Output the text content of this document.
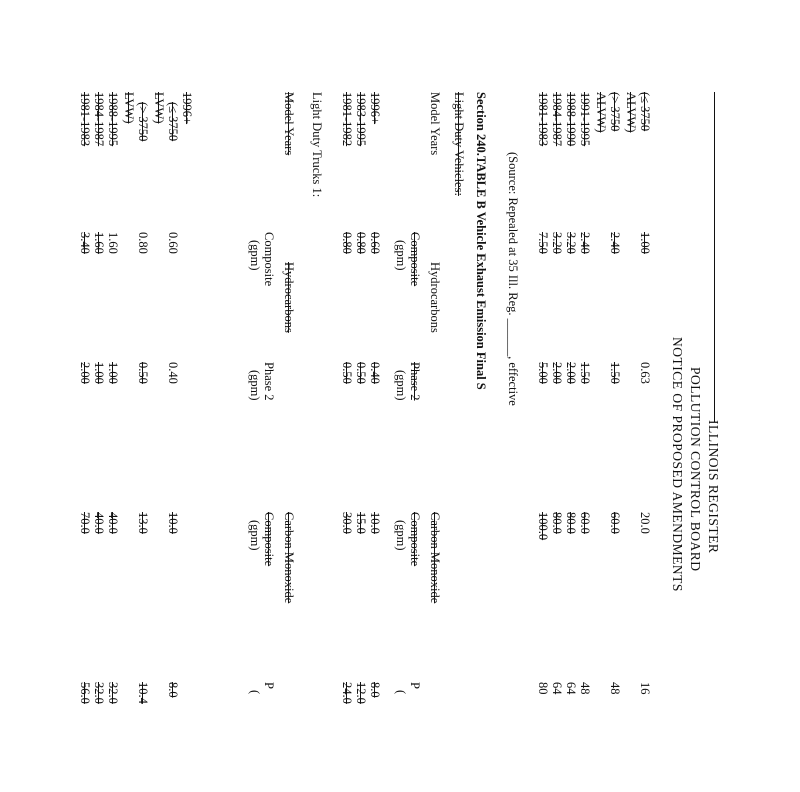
ILLINOIS REGISTER
POLLUTION CONTROL BOARD
NOTICE OF PROPOSED AMENDMENTS
(≤ 3750
ALVW)
1.00
0.63
20.0
16
(> 3750
ALVW)
2.40
1.50
60.0
48
1991-1995
2.40
1.50
60.0
48
1988-1990
3.20
2.00
80.0
64
1984-1987
3.20
2.00
80.0
64
1981-1983
7.50
5.00
100.0
80
(Source: Repealed at 35 Ill. Reg. ______, effective
Section 240.TABLE B Vehicle Exhaust Emission Final S
Light Duty Vehicles:
Model Years
Hydrocarbons
Carbon Monoxide
Composite
Phase 2
Composite
P
(gpm)
(gpm)
(gpm)
(
1996+
0.60
0.40
10.0
8.0
1983-1995
0.80
0.50
15.0
12.0
1981-1982
0.80
0.50
30.0
24.0
Light Duty Trucks 1:
Model Years
Hydrocarbons
Carbon Monoxide
Composite
Phase 2
Composite
P
(gpm)
(gpm)
(gpm)
(
1996+
(≤ 3750
LVW)
0.60
0.40
10.0
8.0
(> 3750
LVW)
0.80
0.50
13.0
10.4
1988-1995
1.60
1.00
40.0
32.0
1984-1987
1.60
1.00
40.0
32.0
1981-1983
3.40
2.00
70.0
56.0
